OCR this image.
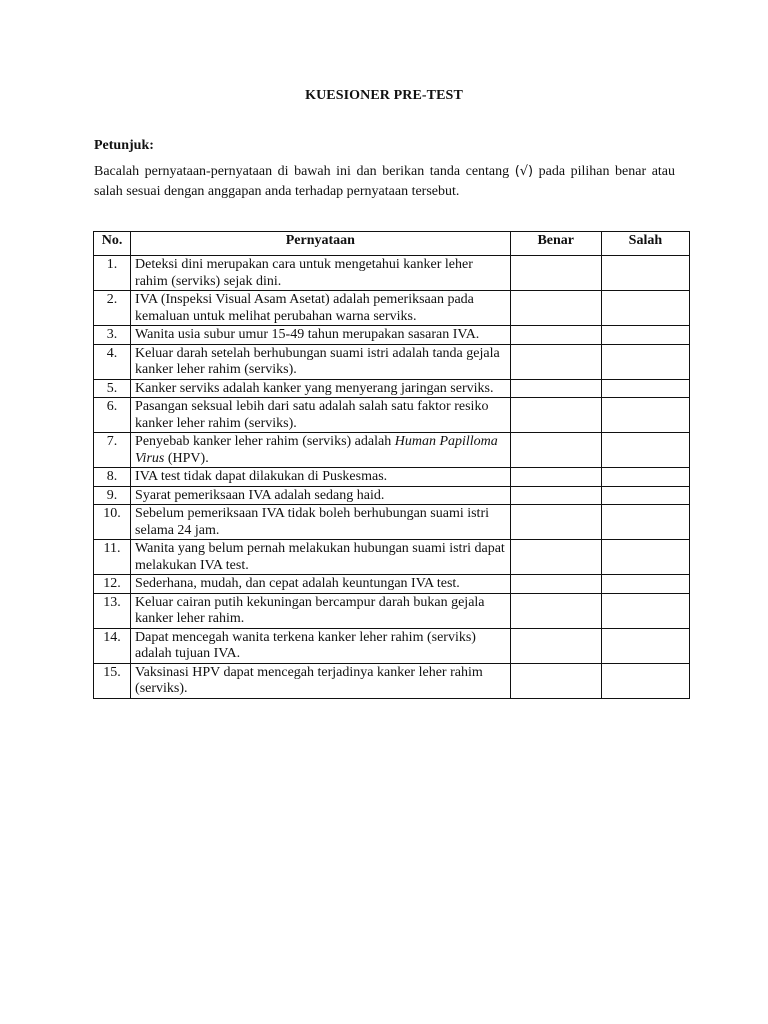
KUESIONER PRE-TEST
Petunjuk:
Bacalah pernyataan-pernyataan di bawah ini dan berikan tanda centang (√) pada pilihan benar atau salah sesuai dengan anggapan anda terhadap pernyataan tersebut.
No.	Pernyataan	Benar	Salah
1.	Deteksi dini merupakan cara untuk mengetahui kanker leher rahim (serviks) sejak dini.		
2.	IVA (Inspeksi Visual Asam Asetat) adalah pemeriksaan pada kemaluan untuk melihat perubahan warna serviks.		
3.	Wanita usia subur umur 15-49 tahun merupakan sasaran IVA.		
4.	Keluar darah setelah berhubungan suami istri adalah tanda gejala kanker leher rahim (serviks).		
5.	Kanker serviks adalah kanker yang menyerang jaringan serviks.		
6.	Pasangan seksual lebih dari satu adalah salah satu faktor resiko kanker leher rahim (serviks).		
7.	Penyebab kanker leher rahim (serviks) adalah Human Papilloma Virus (HPV).		
8.	IVA test tidak dapat dilakukan di Puskesmas.		
9.	Syarat pemeriksaan IVA adalah sedang haid.		
10.	Sebelum pemeriksaan IVA tidak boleh berhubungan suami istri selama 24 jam.		
11.	Wanita yang belum pernah melakukan hubungan suami istri dapat melakukan IVA test.		
12.	Sederhana, mudah, dan cepat adalah keuntungan IVA test.		
13.	Keluar cairan putih kekuningan bercampur darah bukan gejala kanker leher rahim.		
14.	Dapat mencegah wanita terkena kanker leher rahim (serviks) adalah tujuan IVA.		
15.	Vaksinasi HPV dapat mencegah terjadinya kanker leher rahim (serviks).		
